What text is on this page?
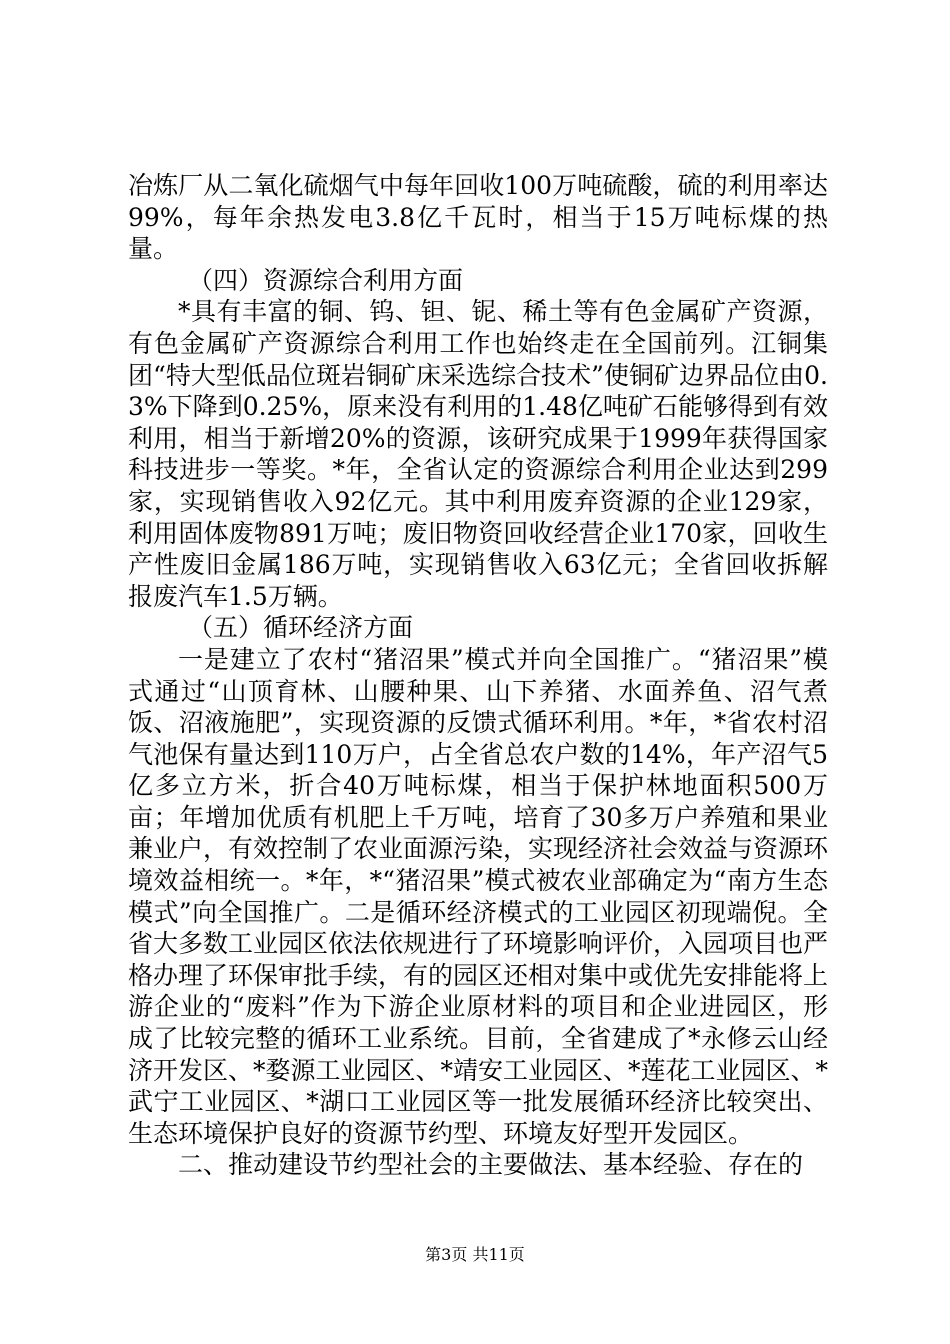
冶炼厂从二氧化硫烟气中每年回收100万吨硫酸，硫的利用率达99%，每年余热发电3.8亿千瓦时，相当于15万吨标煤的热量。

（四）资源综合利用方面

*具有丰富的铜、钨、钽、铌、稀土等有色金属矿产资源，有色金属矿产资源综合利用工作也始终走在全国前列。江铜集团“特大型低品位斑岩铜矿床采选综合技术”使铜矿边界品位由0.3%下降到0.25%，原来没有利用的1.48亿吨矿石能够得到有效利用，相当于新增20%的资源，该研究成果于1999年获得国家科技进步一等奖。*年，全省认定的资源综合利用企业达到299家，实现销售收入92亿元。其中利用废弃资源的企业129家，利用固体废物891万吨；废旧物资回收经营企业170家，回收生产性废旧金属186万吨，实现销售收入63亿元；全省回收拆解报废汽车1.5万辆。

（五）循环经济方面

一是建立了农村“猪沼果”模式并向全国推广。“猪沼果”模式通过“山顶育林、山腰种果、山下养猪、水面养鱼、沼气煮饭、沼液施肥”，实现资源的反馈式循环利用。*年，*省农村沼气池保有量达到110万户，占全省总农户数的14%，年产沼气5亿多立方米，折合40万吨标煤，相当于保护林地面积500万亩；年增加优质有机肥上千万吨，培育了30多万户养殖和果业兼业户，有效控制了农业面源污染，实现经济社会效益与资源环境效益相统一。*年，*“猪沼果”模式被农业部确定为“南方生态模式”向全国推广。二是循环经济模式的工业园区初现端倪。全省大多数工业园区依法依规进行了环境影响评价，入园项目也严格办理了环保审批手续，有的园区还相对集中或优先安排能将上游企业的“废料”作为下游企业原材料的项目和企业进园区，形成了比较完整的循环工业系统。目前，全省建成了*永修云山经济开发区、*婺源工业园区、*靖安工业园区、*莲花工业园区、*武宁工业园区、*湖口工业园区等一批发展循环经济比较突出、生态环境保护良好的资源节约型、环境友好型开发园区。

二、推动建设节约型社会的主要做法、基本经验、存在的

第3页 共11页
